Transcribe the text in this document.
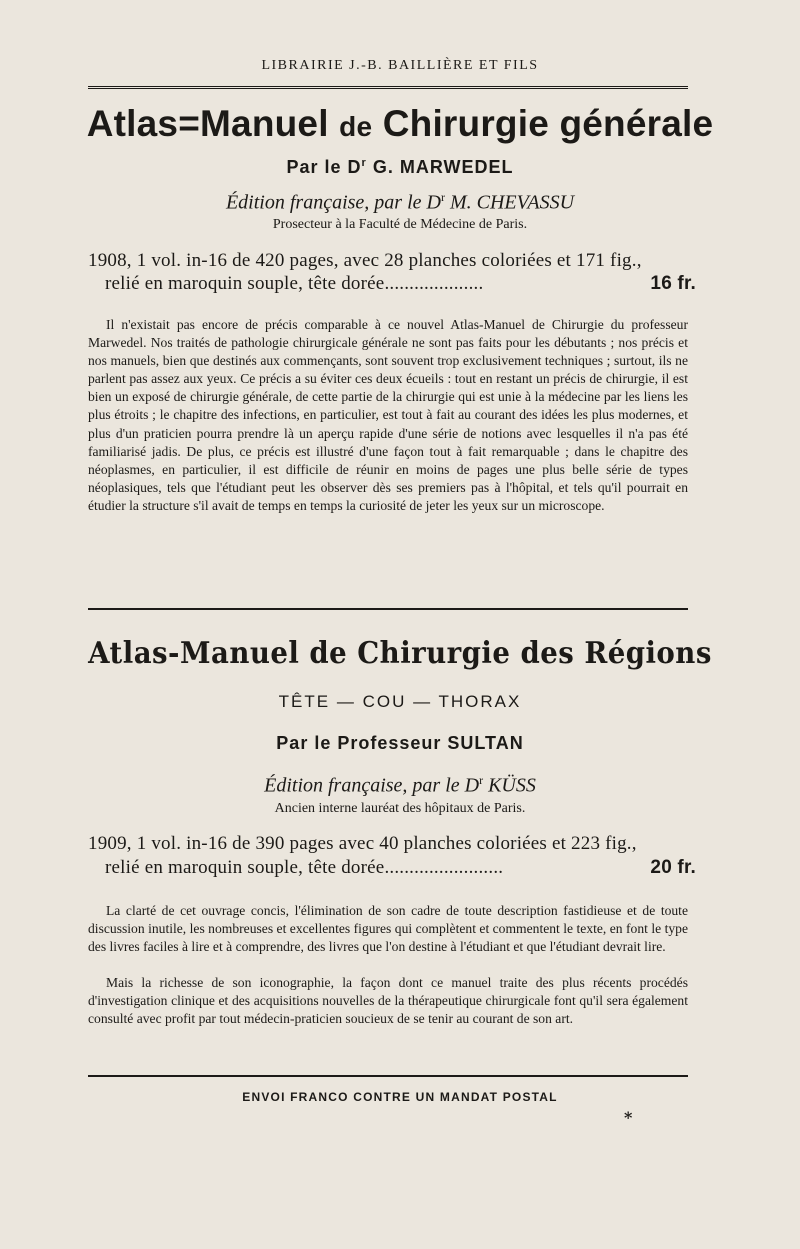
LIBRAIRIE J.-B. BAILLIÈRE ET FILS
Atlas=Manuel de Chirurgie générale
Par le $D^r$ G. MARWEDEL
Édition française, par le $D^r$ M. CHEVASSU
Prosecteur à la Faculté de Médecine de Paris.
1908, 1 vol. in-16 de 420 pages, avec 28 planches coloriées et 171 fig.,
relié en maroquin souple, tête dorée....................	16 fr.
Il n'existait pas encore de précis comparable à ce nouvel Atlas-Manuel de Chirurgie du professeur Marwedel. Nos traités de pathologie chirurgicale générale ne sont pas faits pour les débutants ; nos précis et nos manuels, bien que destinés aux commençants, sont souvent trop exclusivement techniques ; surtout, ils ne parlent pas assez aux yeux. Ce précis a su éviter ces deux écueils : tout en restant un précis de chirurgie, il est bien un exposé de chirurgie générale, de cette partie de la chirurgie qui est unie à la médecine par les liens les plus étroits ; le chapitre des infections, en particulier, est tout à fait au courant des idées les plus modernes, et plus d'un praticien pourra prendre là un aperçu rapide d'une série de notions avec lesquelles il n'a pas été familiarisé jadis. De plus, ce précis est illustré d'une façon tout à fait remarquable ; dans le chapitre des néoplasmes, en particulier, il est difficile de réunir en moins de pages une plus belle série de types néoplasiques, tels que l'étudiant peut les observer dès ses premiers pas à l'hôpital, et tels qu'il pourrait en étudier la structure s'il avait de temps en temps la curiosité de jeter les yeux sur un microscope.
Atlas-Manuel de Chirurgie des Régions
TÊTE — COU — THORAX
Par le Professeur SULTAN
Édition française, par le $D^r$ KÜSS
Ancien interne lauréat des hôpitaux de Paris.
1909, 1 vol. in-16 de 390 pages avec 40 planches coloriées et 223 fig.,
relié en maroquin souple, tête dorée........................	20 fr.
La clarté de cet ouvrage concis, l'élimination de son cadre de toute description fastidieuse et de toute discussion inutile, les nombreuses et excellentes figures qui complètent et commentent le texte, en font le type des livres faciles à lire et à comprendre, des livres que l'on destine à l'étudiant et que l'étudiant devrait lire.
Mais la richesse de son iconographie, la façon dont ce manuel traite des plus récents procédés d'investigation clinique et des acquisitions nouvelles de la thérapeutique chirurgicale font qu'il sera également consulté avec profit par tout médecin-praticien soucieux de se tenir au courant de son art.
ENVOI FRANCO CONTRE UN MANDAT POSTAL
*
